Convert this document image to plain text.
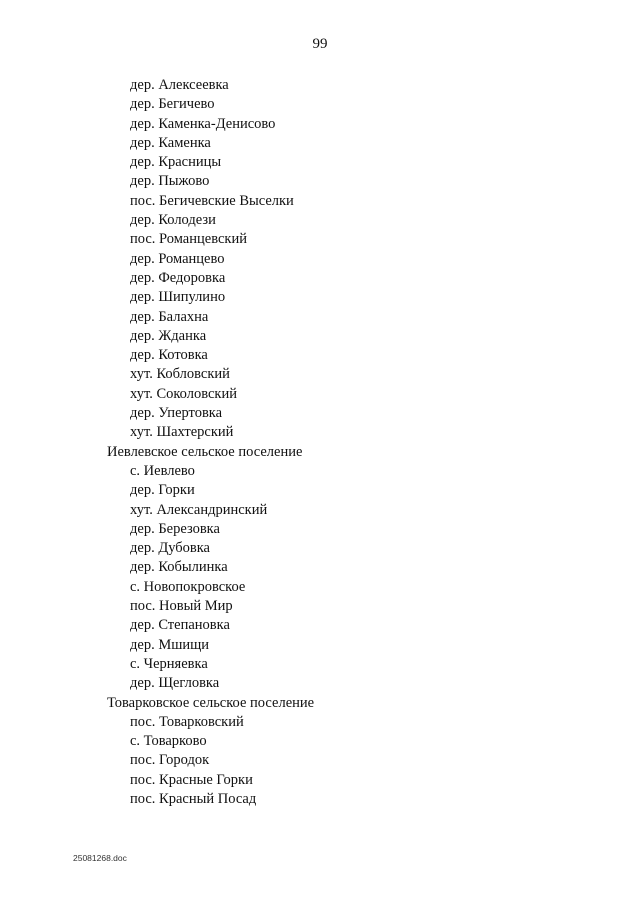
99
дер. Алексеевка
дер. Бегичево
дер. Каменка-Денисово
дер. Каменка
дер. Красницы
дер. Пыжово
пос. Бегичевские Выселки
дер. Колодези
пос. Романцевский
дер. Романцево
дер. Федоровка
дер. Шипулино
дер. Балахна
дер. Жданка
дер. Котовка
хут. Кобловский
хут. Соколовский
дер. Упертовка
хут. Шахтерский
Иевлевское сельское поселение
с. Иевлево
дер. Горки
хут. Александринский
дер. Березовка
дер. Дубовка
дер. Кобылинка
с. Новопокровское
пос. Новый Мир
дер. Степановка
дер. Мшищи
с. Черняевка
дер. Щегловка
Товарковское сельское поселение
пос. Товарковский
с. Товарково
пос. Городок
пос. Красные Горки
пос. Красный Посад
25081268.doc
